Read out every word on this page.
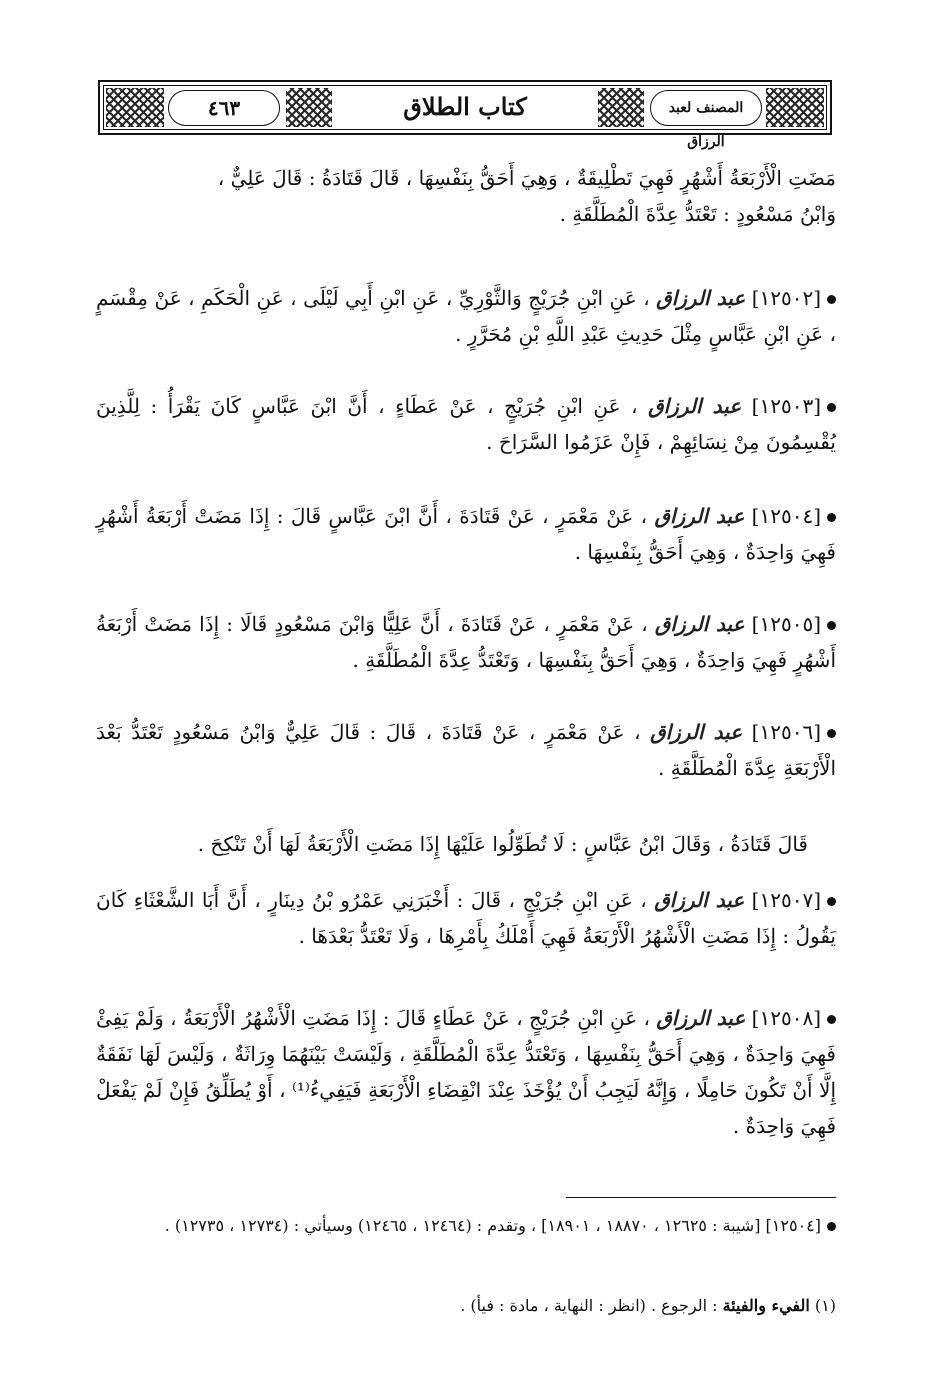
٤٦٣	كتاب الطلاق	المصنف لعبد الرزاق
مَضَتِ الْأَرْبَعَةُ أَشْهُرٍ فَهِيَ تَطْلِيقَةٌ ، وَهِيَ أَحَقُّ بِنَفْسِهَا ، قَالَ قَتَادَةُ : قَالَ عَلِيٌّ ،
وَابْنُ مَسْعُودٍ : تَعْتَدُّ عِدَّةَ الْمُطَلَّقَةِ .
[١٢٥٠٢] عبد الرزاق ، عَنِ ابْنِ جُرَيْجٍ وَالثَّوْرِيِّ ، عَنِ ابْنِ أَبِي لَيْلَى ، عَنِ الْحَكَمِ ، عَنْ مِقْسَمٍ ، عَنِ ابْنِ عَبَّاسٍ مِثْلَ حَدِيثِ عَبْدِ اللَّهِ بْنِ مُحَرَّرٍ .
[١٢٥٠٣] عبد الرزاق ، عَنِ ابْنِ جُرَيْجٍ ، عَنْ عَطَاءٍ ، أَنَّ ابْنَ عَبَّاسٍ كَانَ يَقْرَأُ : لِلَّذِينَ يُقْسِمُونَ مِنْ نِسَائِهِمْ ، فَإِنْ عَزَمُوا السَّرَاحَ .
[١٢٥٠٤] عبد الرزاق ، عَنْ مَعْمَرٍ ، عَنْ قَتَادَةَ ، أَنَّ ابْنَ عَبَّاسٍ قَالَ : إِذَا مَضَتْ أَرْبَعَةُ أَشْهُرٍ فَهِيَ وَاحِدَةٌ ، وَهِيَ أَحَقُّ بِنَفْسِهَا .
[١٢٥٠٥] عبد الرزاق ، عَنْ مَعْمَرٍ ، عَنْ قَتَادَةَ ، أَنَّ عَلِيًّا وَابْنَ مَسْعُودٍ قَالَا : إِذَا مَضَتْ أَرْبَعَةُ أَشْهُرٍ فَهِيَ وَاحِدَةٌ ، وَهِيَ أَحَقُّ بِنَفْسِهَا ، وَتَعْتَدُّ عِدَّةَ الْمُطَلَّقَةِ .
[١٢٥٠٦] عبد الرزاق ، عَنْ مَعْمَرٍ ، عَنْ قَتَادَةَ ، قَالَ : قَالَ عَلِيٌّ وَابْنُ مَسْعُودٍ تَعْتَدُّ بَعْدَ الْأَرْبَعَةِ عِدَّةَ الْمُطَلَّقَةِ .
قَالَ قَتَادَةُ ، وَقَالَ ابْنُ عَبَّاسٍ : لَا تُطَوِّلُوا عَلَيْهَا إِذَا مَضَتِ الْأَرْبَعَةُ لَهَا أَنْ تَنْكِحَ .
[١٢٥٠٧] عبد الرزاق ، عَنِ ابْنِ جُرَيْجٍ ، قَالَ : أَخْبَرَنِي عَمْرُو بْنُ دِينَارٍ ، أَنَّ أَبَا الشَّعْثَاءِ كَانَ يَقُولُ : إِذَا مَضَتِ الْأَشْهُرُ الْأَرْبَعَةُ فَهِيَ أَمْلَكُ بِأَمْرِهَا ، وَلَا تَعْتَدُّ بَعْدَهَا .
[١٢٥٠٨] عبد الرزاق ، عَنِ ابْنِ جُرَيْجٍ ، عَنْ عَطَاءٍ قَالَ : إِذَا مَضَتِ الْأَشْهُرُ الْأَرْبَعَةُ ، وَلَمْ يَفِئْ فَهِيَ وَاحِدَةٌ ، وَهِيَ أَحَقُّ بِنَفْسِهَا ، وَتَعْتَدُّ عِدَّةَ الْمُطَلَّقَةِ ، وَلَيْسَتْ بَيْنَهُمَا وِرَاثَةٌ ، وَلَيْسَ لَهَا نَفَقَةٌ إِلَّا أَنْ تَكُونَ حَامِلًا ، وَإِنَّهُ لَيَجِبُ أَنْ يُؤْخَذَ عِنْدَ انْقِضَاءِ الْأَرْبَعَةِ فَيَفِيءُ⁽¹⁾ ، أَوْ يُطَلِّقُ فَإِنْ لَمْ يَفْعَلْ فَهِيَ وَاحِدَةٌ .
[١٢٥٠٤] [شيبة : ١٢٦٢٥ ، ١٨٨٧٠ ، ١٨٩٠١] ، وتقدم : (١٢٤٦٤ ، ١٢٤٦٥) وسيأتي : (١٢٧٣٤ ، ١٢٧٣٥) .
(١) الفيء والفيئة : الرجوع . (انظر : النهاية ، مادة : فيأ) .
